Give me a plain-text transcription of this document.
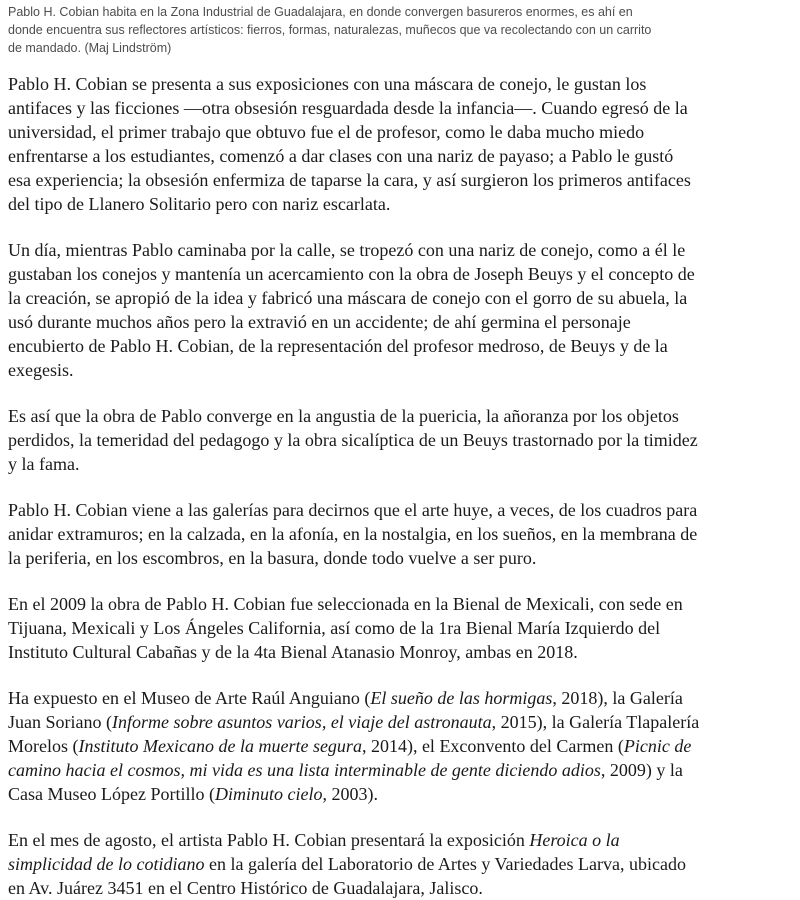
Pablo H. Cobian habita en la Zona Industrial de Guadalajara, en donde convergen basureros enormes, es ahí en donde encuentra sus reflectores artísticos: fierros, formas, naturalezas, muñecos que va recolectando con un carrito de mandado. (Maj Lindström)

Pablo H. Cobian se presenta a sus exposiciones con una máscara de conejo, le gustan los antifaces y las ficciones —otra obsesión resguardada desde la infancia—. Cuando egresó de la universidad, el primer trabajo que obtuvo fue el de profesor, como le daba mucho miedo enfrentarse a los estudiantes, comenzó a dar clases con una nariz de payaso; a Pablo le gustó esa experiencia; la obsesión enfermiza de taparse la cara, y así surgieron los primeros antifaces del tipo de Llanero Solitario pero con nariz escarlata.

Un día, mientras Pablo caminaba por la calle, se tropezó con una nariz de conejo, como a él le gustaban los conejos y mantenía un acercamiento con la obra de Joseph Beuys y el concepto de la creación, se apropió de la idea y fabricó una máscara de conejo con el gorro de su abuela, la usó durante muchos años pero la extravió en un accidente; de ahí germina el personaje encubierto de Pablo H. Cobian, de la representación del profesor medroso, de Beuys y de la exegesis.

Es así que la obra de Pablo converge en la angustia de la puericia, la añoranza por los objetos perdidos, la temeridad del pedagogo y la obra sicalíptica de un Beuys trastornado por la timidez y la fama.

Pablo H. Cobian viene a las galerías para decirnos que el arte huye, a veces, de los cuadros para anidar extramuros; en la calzada, en la afonía, en la nostalgia, en los sueños, en la membrana de la periferia, en los escombros, en la basura, donde todo vuelve a ser puro.

En el 2009 la obra de Pablo H. Cobian fue seleccionada en la Bienal de Mexicali, con sede en Tijuana, Mexicali y Los Ángeles California, así como de la 1ra Bienal María Izquierdo del Instituto Cultural Cabañas y de la 4ta Bienal Atanasio Monroy, ambas en 2018.

Ha expuesto en el Museo de Arte Raúl Anguiano (El sueño de las hormigas, 2018), la Galería Juan Soriano (Informe sobre asuntos varios, el viaje del astronauta, 2015), la Galería Tlapalería Morelos (Instituto Mexicano de la muerte segura, 2014), el Exconvento del Carmen (Picnic de camino hacia el cosmos, mi vida es una lista interminable de gente diciendo adios, 2009) y la Casa Museo López Portillo (Diminuto cielo, 2003).

En el mes de agosto, el artista Pablo H. Cobian presentará la exposición Heroica o la simplicidad de lo cotidiano en la galería del Laboratorio de Artes y Variedades Larva, ubicado en Av. Juárez 3451 en el Centro Histórico de Guadalajara, Jalisco.
